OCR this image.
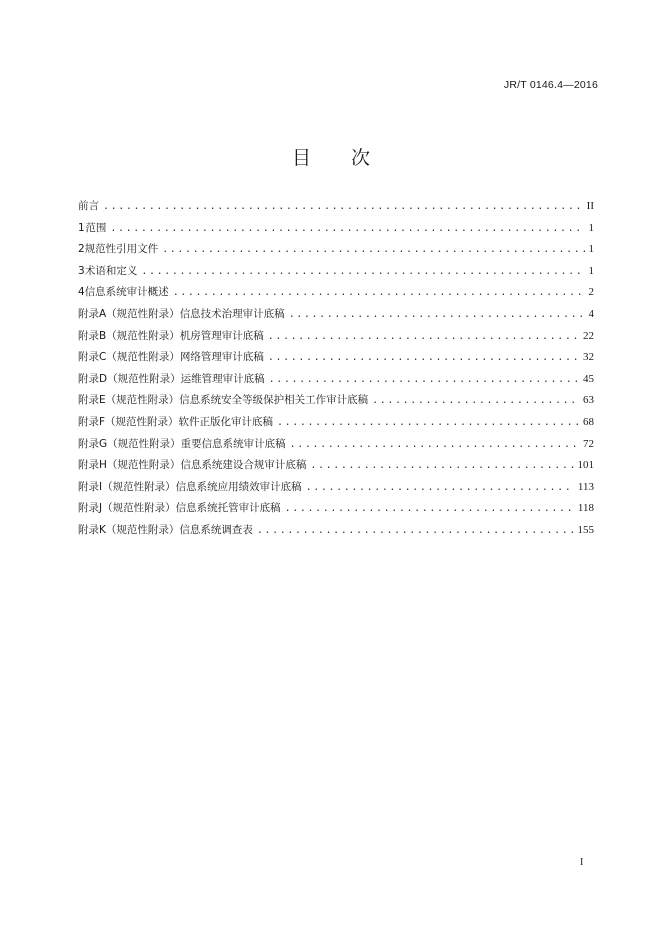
JR/T 0146.4—2016
目 次
前言 .....	II
1 范围 .....	1
2 规范性引用文件 .....	1
3 术语和定义 .....	1
4 信息系统审计概述 .....	2
附录A（规范性附录） 信息技术治理审计底稿 .....	4
附录B（规范性附录） 机房管理审计底稿 .....	22
附录C（规范性附录） 网络管理审计底稿 .....	32
附录D（规范性附录） 运维管理审计底稿 .....	45
附录E（规范性附录） 信息系统安全等级保护相关工作审计底稿 .....	63
附录F（规范性附录） 软件正版化审计底稿 .....	68
附录G（规范性附录） 重要信息系统审计底稿 .....	72
附录H（规范性附录） 信息系统建设合规审计底稿 .....	101
附录I（规范性附录） 信息系统应用绩效审计底稿 .....	113
附录J（规范性附录） 信息系统托管审计底稿 .....	118
附录K（规范性附录） 信息系统调查表 .....	155
I
